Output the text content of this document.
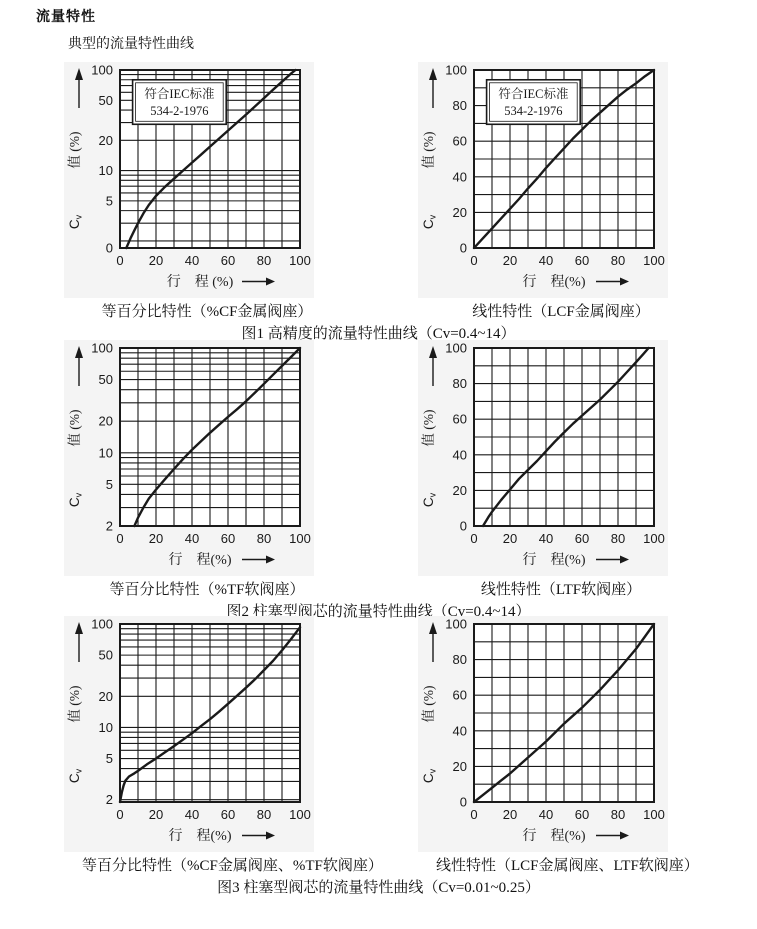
流量特性
典型的流量特性曲线
符合IEC标准
534-2-1976
100
50
20
10
5
0
0 20 40 60 80 100
值 (%)
Cv
行　程 (%)
等百分比特性（%CF金属阀座）
符合IEC标准
534-2-1976
100
80
60
40
20
0
0 20 40 60 80 100
值 (%)
Cv
行　程(%)
线性特性（LCF金属阀座）
图1 高精度的流量特性曲线（Cv=0.4~14）
100
50
20
10
5
2
0 20 40 60 80 100
值 (%)
Cv
行　程(%)
等百分比特性（%TF软阀座）
100
80
60
40
20
0
0 20 40 60 80 100
值 (%)
Cv
行　程(%)
线性特性（LTF软阀座）
图2 柱塞型阀芯的流量特性曲线（Cv=0.4~14）
100
50
20
10
5
2
0 20 40 60 80 100
值 (%)
Cv
行　程(%)
等百分比特性（%CF金属阀座、%TF软阀座）
100
80
60
40
20
0
0 20 40 60 80 100
值 (%)
Cv
行　程(%)
线性特性（LCF金属阀座、LTF软阀座）
图3 柱塞型阀芯的流量特性曲线（Cv=0.01~0.25）
